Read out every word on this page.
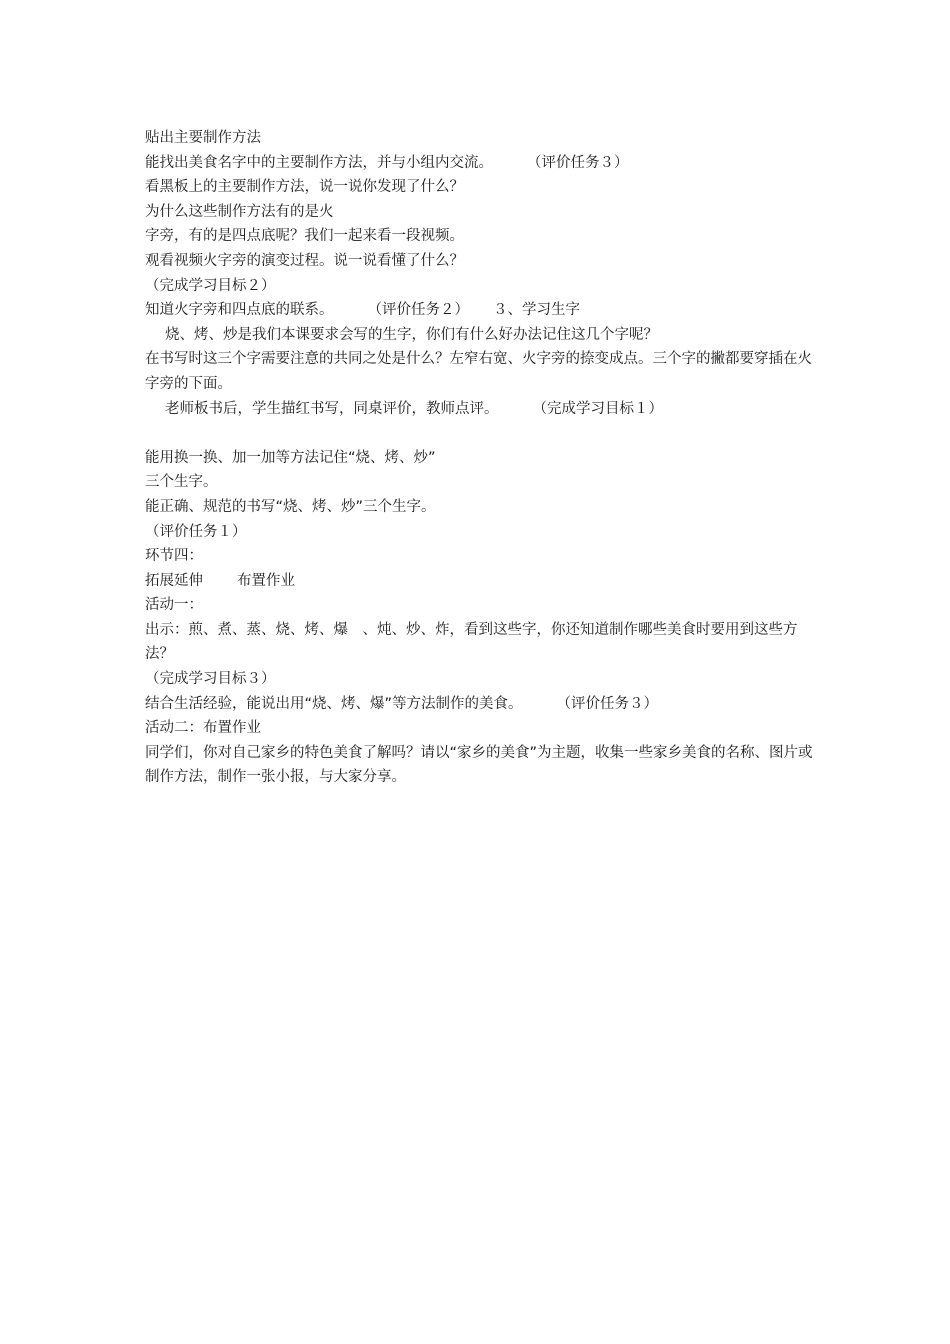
贴出主要制作方法

能找出美食名字中的主要制作方法，并与小组内交流。 （评价任务３）

看黑板上的主要制作方法，说一说你发现了什么？

为什么这些制作方法有的是火

字旁，有的是四点底呢？我们一起来看一段视频。

观看视频火字旁的演变过程。说一说看懂了什么？

（完成学习目标２）

知道火字旁和四点底的联系。 （评价任务２） ３、学习生字

烧、烤、炒是我们本课要求会写的生字，你们有什么好办法记住这几个字呢？

在书写时这三个字需要注意的共同之处是什么？左窄右宽、火字旁的捺变成点。三个字的撇都要穿插在火字旁的下面。

老师板书后，学生描红书写，同桌评价，教师点评。 （完成学习目标１）

能用换一换、加一加等方法记住“烧、烤、炒”

三个生字。

能正确、规范的书写“烧、烤、炒”三个生字。

（评价任务１）

环节四：

拓展延伸 布置作业

活动一：

出示：煎、煮、蒸、烧、烤、爆　、炖、炒、炸，看到这些字，你还知道制作哪些美食时要用到这些方法？

（完成学习目标３）

结合生活经验，能说出用“烧、烤、爆”等方法制作的美食。 （评价任务３）

活动二：布置作业

同学们，你对自己家乡的特色美食了解吗？请以“家乡的美食”为主题，收集一些家乡美食的名称、图片或制作方法，制作一张小报，与大家分享。
